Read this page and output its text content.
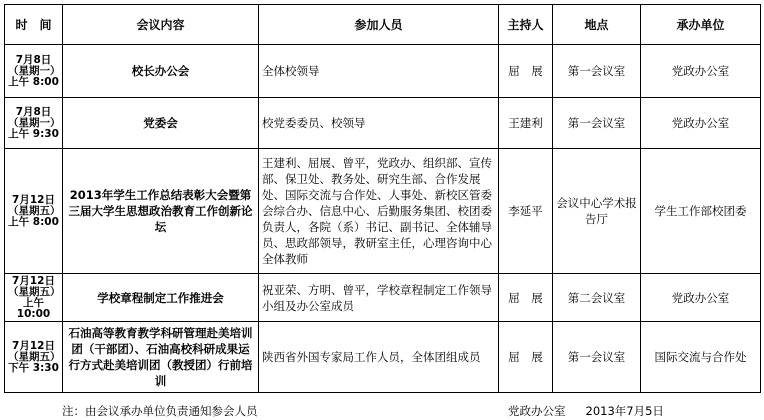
时　间	会议内容	参加人员	主持人	地点	承办单位

7月8日
（星期一）
上午 8:00	校长办公会	全体校领导	屈　展	第一会议室	党政办公室

7月8日
（星期一）
上午 9:30	党委会	校党委委员、校领导	王建利	第一会议室	党政办公室

7月12日
（星期五）
上午 8:00	2013年学生工作总结表彰大会暨第三届大学生思想政治教育工作创新论坛	王建利、屈展、曾平，党政办、组织部、宣传部、保卫处、教务处、研究生部、合作发展处、国际交流与合作处、人事处、新校区管委会综合办、信息中心、后勤服务集团、校团委负责人，各院（系）书记、副书记、全体辅导员、思政部领导，教研室主任，心理咨询中心全体教师	李延平	会议中心学术报告厅	学生工作部校团委

7月12日
（星期五）
上午 10:00	学校章程制定工作推进会	祝亚荣、方明、曾平，学校章程制定工作领导小组及办公室成员	屈　展	第二会议室	党政办公室

7月12日
（星期五）
下午 3:30	石油高等教育教学科研管理赴美培训团（干部团）、石油高校科研成果运行方式赴美培训团（教授团）行前培训	陕西省外国专家局工作人员，全体团组成员	屈　展	第一会议室	国际交流与合作处
注：由会议承办单位负责通知参会人员	党政办公室 2013年7月5日
